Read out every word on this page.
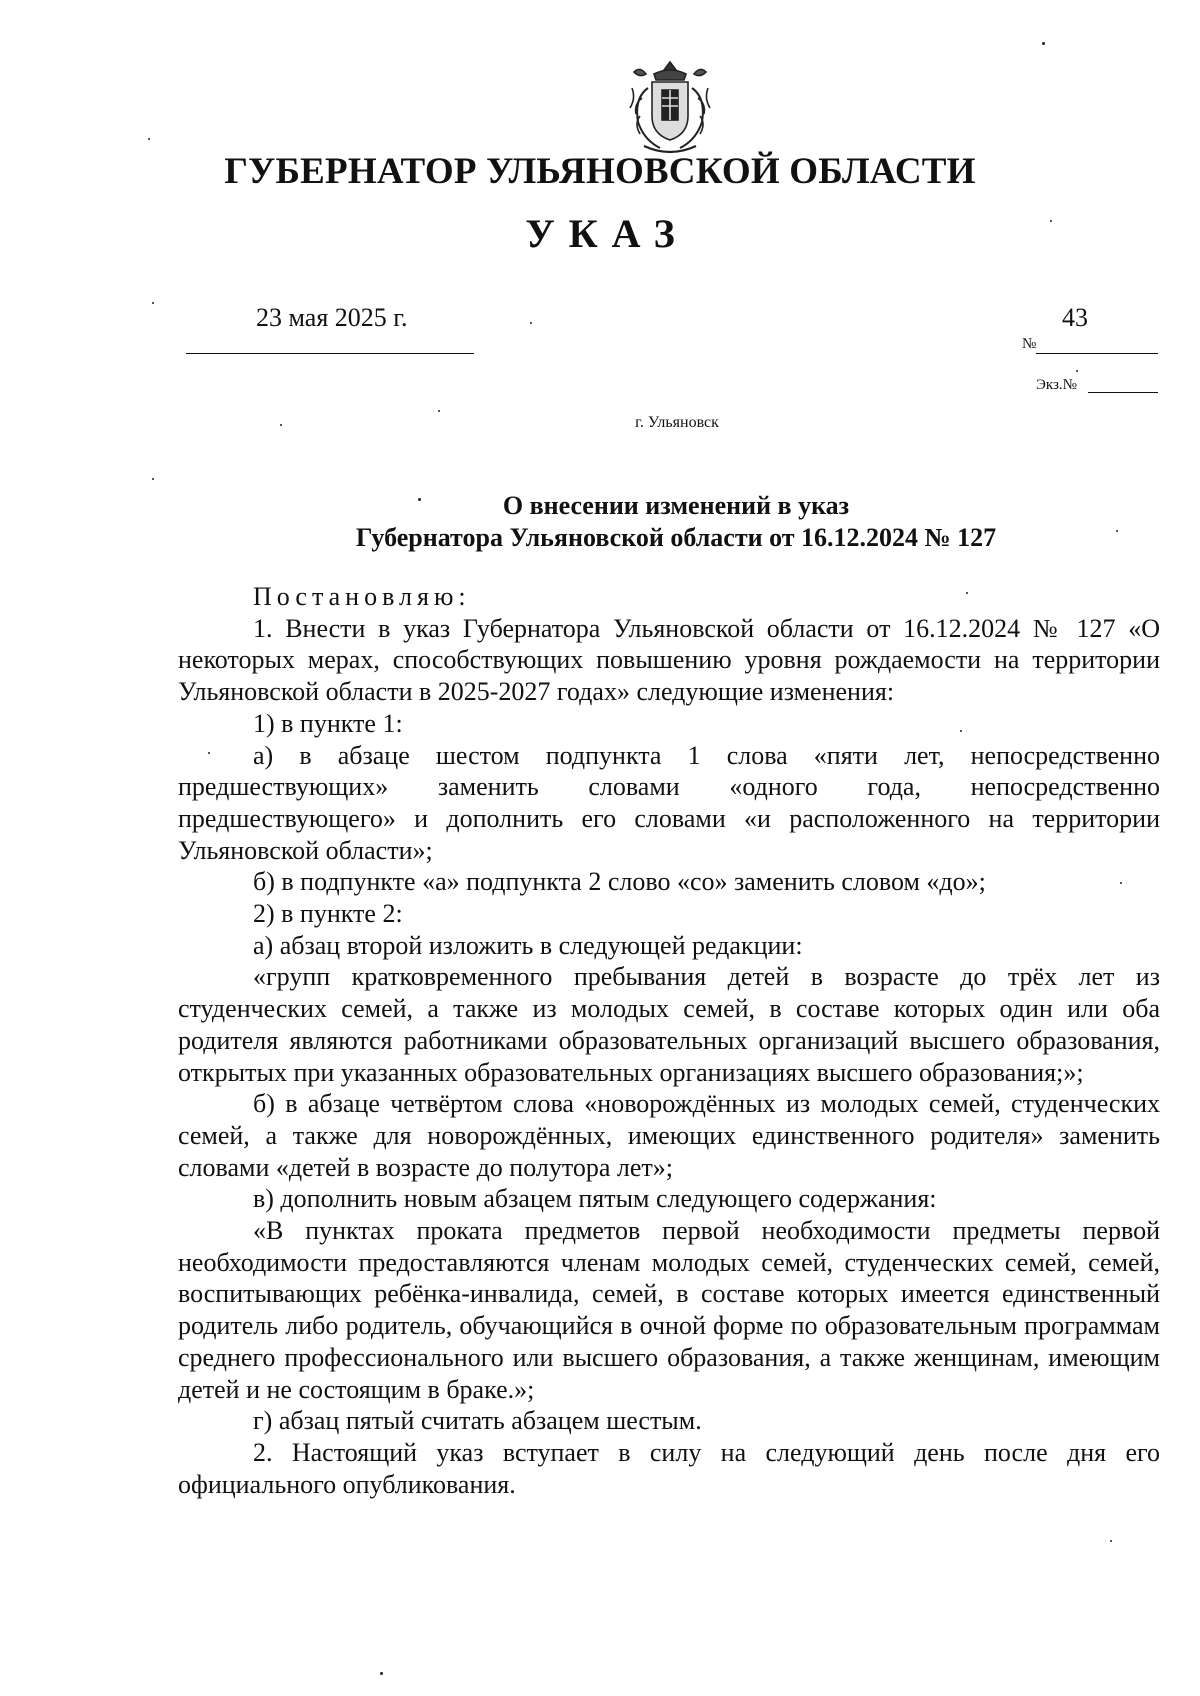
ГУБЕРНАТОР УЛЬЯНОВСКОЙ ОБЛАСТИ
УКАЗ
23 мая 2025 г.	43
№
Экз.№
г. Ульяновск
О внесении изменений в указ
Губернатора Ульяновской области от 16.12.2024 № 127

Постановляю:

1. Внести в указ Губернатора Ульяновской области от 16.12.2024 № 127 «О некоторых мерах, способствующих повышению уровня рождаемости на территории Ульяновской области в 2025-2027 годах» следующие изменения:

1) в пункте 1:

а) в абзаце шестом подпункта 1 слова «пяти лет, непосредственно предшествующих» заменить словами «одного года, непосредственно предшествующего» и дополнить его словами «и расположенного на территории Ульяновской области»;

б) в подпункте «а» подпункта 2 слово «со» заменить словом «до»;

2) в пункте 2:

а) абзац второй изложить в следующей редакции:

«групп кратковременного пребывания детей в возрасте до трёх лет из студенческих семей, а также из молодых семей, в составе которых один или оба родителя являются работниками образовательных организаций высшего образования, открытых при указанных образовательных организациях высшего образования;»;

б) в абзаце четвёртом слова «новорождённых из молодых семей, студенческих семей, а также для новорождённых, имеющих единственного родителя» заменить словами «детей в возрасте до полутора лет»;

в) дополнить новым абзацем пятым следующего содержания:

«В пунктах проката предметов первой необходимости предметы первой необходимости предоставляются членам молодых семей, студенческих семей, семей, воспитывающих ребёнка-инвалида, семей, в составе которых имеется единственный родитель либо родитель, обучающийся в очной форме по образовательным программам среднего профессионального или высшего образования, а также женщинам, имеющим детей и не состоящим в браке.»;

г) абзац пятый считать абзацем шестым.

2. Настоящий указ вступает в силу на следующий день после дня его официального опубликования.
